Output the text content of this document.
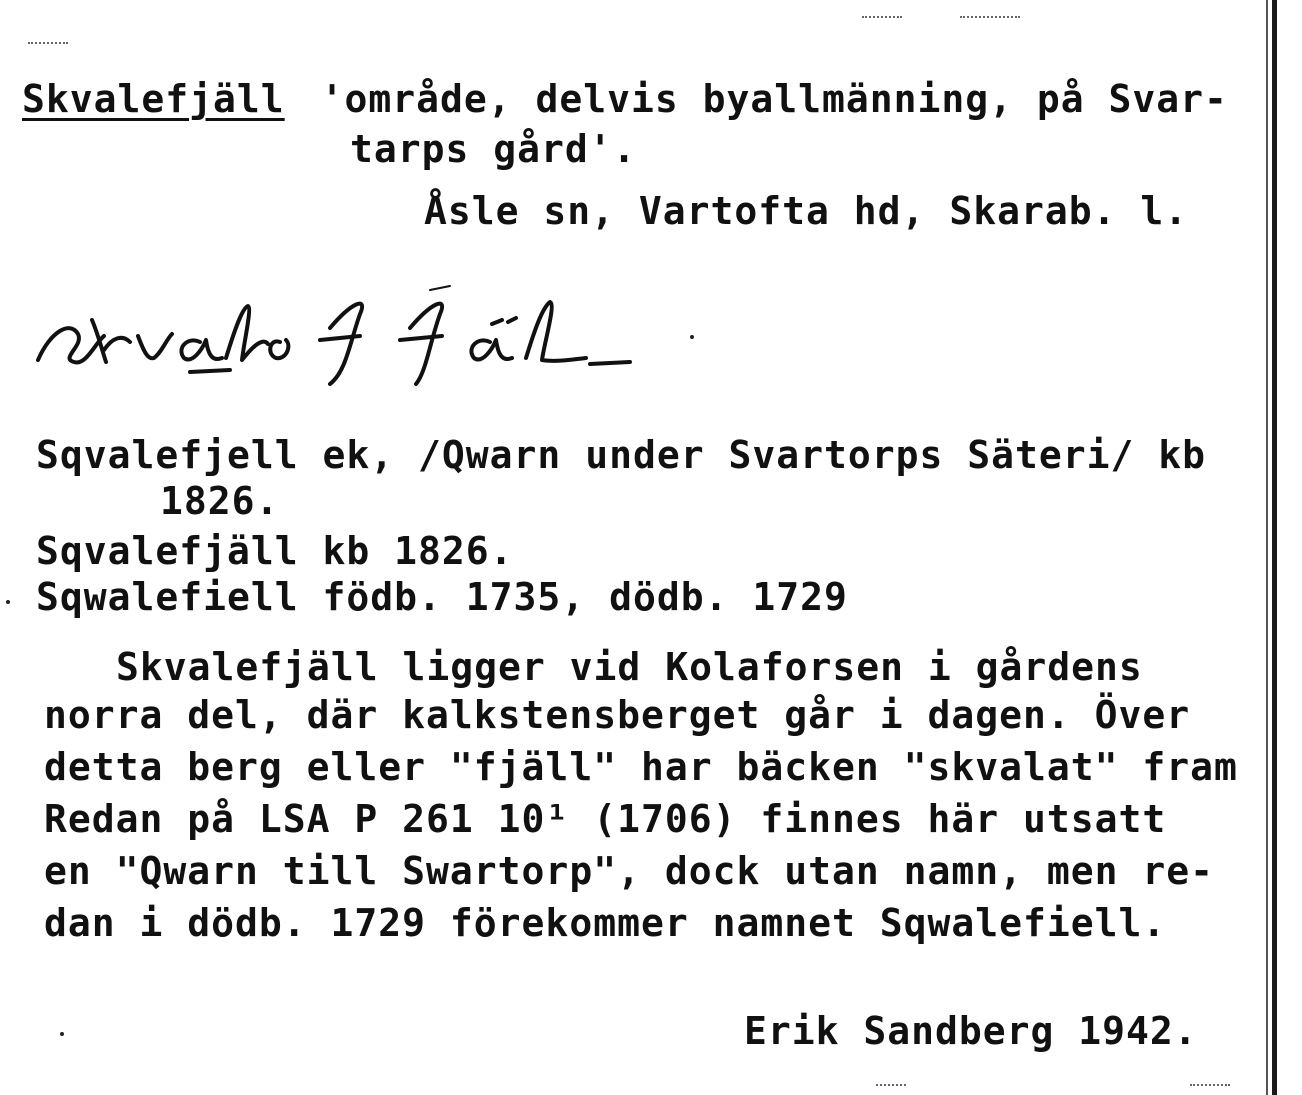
Skvalefjäll 'område, delvis byallmänning, på Svar-
tarps gård'.
Åsle sn, Vartofta hd, Skarab. l.
Sqvalefjell ek, /Qwarn under Svartorps Säteri/ kb
1826.
Sqvalefjäll kb 1826.
Sqwalefiell födb. 1735, dödb. 1729
Skvalefjäll ligger vid Kolaforsen i gårdens
norra del, där kalkstensberget går i dagen. Över
detta berg eller "fjäll" har bäcken "skvalat" fram
Redan på LSA P 261 10¹ (1706) finnes här utsatt
en "Qwarn till Swartorp", dock utan namn, men re-
dan i dödb. 1729 förekommer namnet Sqwalefiell.
Erik Sandberg 1942.
